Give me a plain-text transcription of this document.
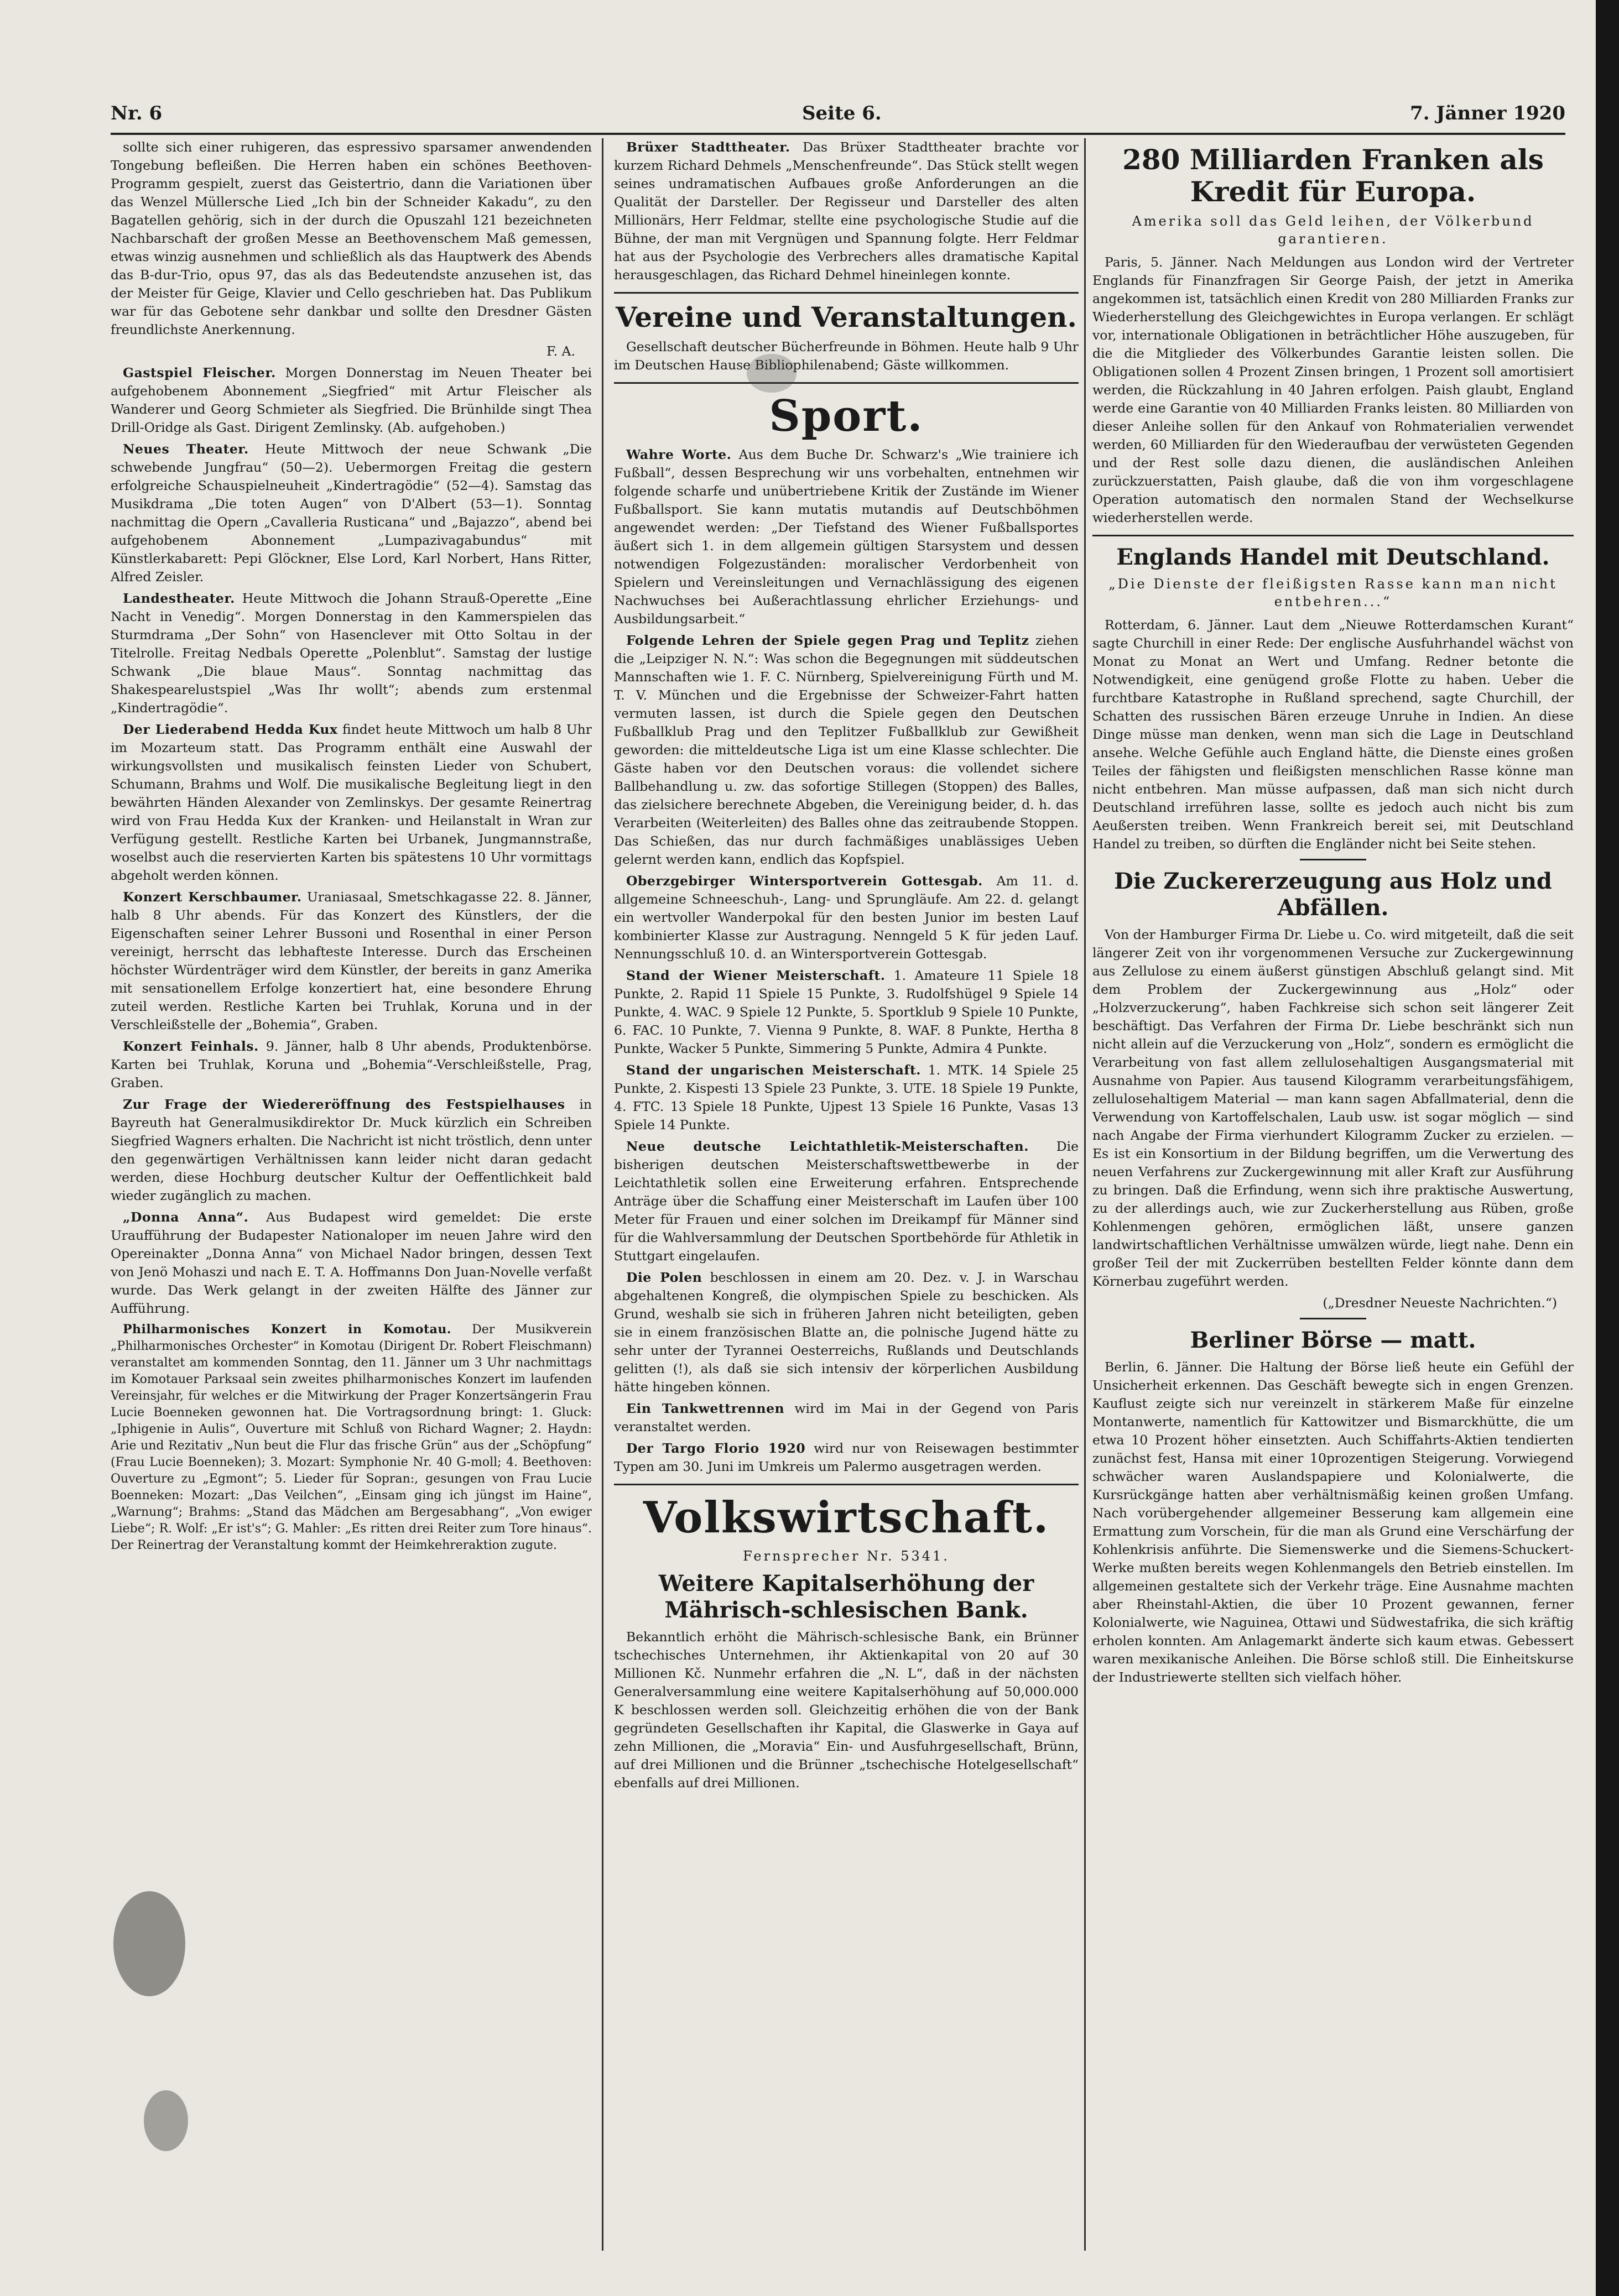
Nr. 6	Seite 6.	7. Jänner 1920

sollte sich einer ruhigeren, das espressivo sparsamer anwendenden Tongebung befleißen. Die Herren haben ein schönes Beethoven-Programm gespielt, zuerst das Geistertrio, dann die Variationen über das Wenzel Müllersche Lied „Ich bin der Schneider Kakadu“, zu den Bagatellen gehörig, sich in der durch die Opuszahl 121 bezeichneten Nachbarschaft der großen Messe an Beethovenschem Maß gemessen, etwas winzig ausnehmen und schließlich als das Hauptwerk des Abends das B-dur-Trio, opus 97, das als das Bedeutendste anzusehen ist, das der Meister für Geige, Klavier und Cello geschrieben hat. Das Publikum war für das Gebotene sehr dankbar und sollte den Dresdner Gästen freundlichste Anerkennung.

F. A.

Gastspiel Fleischer. Morgen Donnerstag im Neuen Theater bei aufgehobenem Abonnement „Siegfried“ mit Artur Fleischer als Wanderer und Georg Schmieter als Siegfried. Die Brünhilde singt Thea Drill-Oridge als Gast. Dirigent Zemlinsky. (Ab. aufgehoben.)

Neues Theater. Heute Mittwoch der neue Schwank „Die schwebende Jungfrau“ (50—2). Uebermorgen Freitag die gestern erfolgreiche Schauspielneuheit „Kindertragödie“ (52—4). Samstag das Musikdrama „Die toten Augen“ von D'Albert (53—1). Sonntag nachmittag die Opern „Cavalleria Rusticana“ und „Bajazzo“, abend bei aufgehobenem Abonnement „Lumpazivagabundus“ mit Künstlerkabarett: Pepi Glöckner, Else Lord, Karl Norbert, Hans Ritter, Alfred Zeisler.

Landestheater. Heute Mittwoch die Johann Strauß-Operette „Eine Nacht in Venedig“. Morgen Donnerstag in den Kammerspielen das Sturmdrama „Der Sohn“ von Hasenclever mit Otto Soltau in der Titelrolle. Freitag Nedbals Operette „Polenblut“. Samstag der lustige Schwank „Die blaue Maus“. Sonntag nachmittag das Shakespearelustspiel „Was Ihr wollt“; abends zum erstenmal „Kindertragödie“.

Der Liederabend Hedda Kux findet heute Mittwoch um halb 8 Uhr im Mozarteum statt. Das Programm enthält eine Auswahl der wirkungsvollsten und musikalisch feinsten Lieder von Schubert, Schumann, Brahms und Wolf. Die musikalische Begleitung liegt in den bewährten Händen Alexander von Zemlinskys. Der gesamte Reinertrag wird von Frau Hedda Kux der Kranken- und Heilanstalt in Wran zur Verfügung gestellt. Restliche Karten bei Urbanek, Jungmannstraße, woselbst auch die reservierten Karten bis spätestens 10 Uhr vormittags abgeholt werden können.

Konzert Kerschbaumer. Uraniasaal, Smetschkagasse 22. 8. Jänner, halb 8 Uhr abends. Für das Konzert des Künstlers, der die Eigenschaften seiner Lehrer Bussoni und Rosenthal in einer Person vereinigt, herrscht das lebhafteste Interesse. Durch das Erscheinen höchster Würdenträger wird dem Künstler, der bereits in ganz Amerika mit sensationellem Erfolge konzertiert hat, eine besondere Ehrung zuteil werden. Restliche Karten bei Truhlak, Koruna und in der Verschleißstelle der „Bohemia“, Graben.

Konzert Feinhals. 9. Jänner, halb 8 Uhr abends, Produktenbörse. Karten bei Truhlak, Koruna und „Bohemia“-Verschleißstelle, Prag, Graben.

Zur Frage der Wiedereröffnung des Festspielhauses in Bayreuth hat Generalmusikdirektor Dr. Muck kürzlich ein Schreiben Siegfried Wagners erhalten. Die Nachricht ist nicht tröstlich, denn unter den gegenwärtigen Verhältnissen kann leider nicht daran gedacht werden, diese Hochburg deutscher Kultur der Oeffentlichkeit bald wieder zugänglich zu machen.

„Donna Anna“. Aus Budapest wird gemeldet: Die erste Uraufführung der Budapester Nationaloper im neuen Jahre wird den Opereinakter „Donna Anna“ von Michael Nador bringen, dessen Text von Jenö Mohaszi und nach E. T. A. Hoffmanns Don Juan-Novelle verfaßt wurde. Das Werk gelangt in der zweiten Hälfte des Jänner zur Aufführung.

Philharmonisches Konzert in Komotau. Der Musikverein „Philharmonisches Orchester“ in Komotau (Dirigent Dr. Robert Fleischmann) veranstaltet am kommenden Sonntag, den 11. Jänner um 3 Uhr nachmittags im Komotauer Parksaal sein zweites philharmonisches Konzert im laufenden Vereinsjahr, für welches er die Mitwirkung der Prager Konzertsängerin Frau Lucie Boenneken gewonnen hat. Die Vortragsordnung bringt: 1. Gluck: „Iphigenie in Aulis“, Ouverture mit Schluß von Richard Wagner; 2. Haydn: Arie und Rezitativ „Nun beut die Flur das frische Grün“ aus der „Schöpfung“ (Frau Lucie Boenneken); 3. Mozart: Symphonie Nr. 40 G-moll; 4. Beethoven: Ouverture zu „Egmont“; 5. Lieder für Sopran:, gesungen von Frau Lucie Boenneken: Mozart: „Das Veilchen“, „Einsam ging ich jüngst im Haine“, „Warnung“; Brahms: „Stand das Mädchen am Bergesabhang“, „Von ewiger Liebe“; R. Wolf: „Er ist's“; G. Mahler: „Es ritten drei Reiter zum Tore hinaus“. Der Reinertrag der Veranstaltung kommt der Heimkehreraktion zugute.

Brüxer Stadttheater. Das Brüxer Stadttheater brachte vor kurzem Richard Dehmels „Menschenfreunde“. Das Stück stellt wegen seines undramatischen Aufbaues große Anforderungen an die Qualität der Darsteller. Der Regisseur und Darsteller des alten Millionärs, Herr Feldmar, stellte eine psychologische Studie auf die Bühne, der man mit Vergnügen und Spannung folgte. Herr Feldmar hat aus der Psychologie des Verbrechers alles dramatische Kapital herausgeschlagen, das Richard Dehmel hineinlegen konnte.

Vereine und Veranstaltungen.

Gesellschaft deutscher Bücherfreunde in Böhmen. Heute halb 9 Uhr im Deutschen Hause Bibliophilenabend; Gäste willkommen.

Sport.

Wahre Worte. Aus dem Buche Dr. Schwarz's „Wie trainiere ich Fußball“, dessen Besprechung wir uns vorbehalten, entnehmen wir folgende scharfe und unübertriebene Kritik der Zustände im Wiener Fußballsport. Sie kann mutatis mutandis auf Deutschböhmen angewendet werden: „Der Tiefstand des Wiener Fußballsportes äußert sich 1. in dem allgemein gültigen Starsystem und dessen notwendigen Folgezuständen: moralischer Verdorbenheit von Spielern und Vereinsleitungen und Vernachlässigung des eigenen Nachwuchses bei Außerachtlassung ehrlicher Erziehungs- und Ausbildungsarbeit.“

Folgende Lehren der Spiele gegen Prag und Teplitz ziehen die „Leipziger N. N.“: Was schon die Begegnungen mit süddeutschen Mannschaften wie 1. F. C. Nürnberg, Spielvereinigung Fürth und M. T. V. München und die Ergebnisse der Schweizer-Fahrt hatten vermuten lassen, ist durch die Spiele gegen den Deutschen Fußballklub Prag und den Teplitzer Fußballklub zur Gewißheit geworden: die mitteldeutsche Liga ist um eine Klasse schlechter. Die Gäste haben vor den Deutschen voraus: die vollendet sichere Ballbehandlung u. zw. das sofortige Stillegen (Stoppen) des Balles, das zielsichere berechnete Abgeben, die Vereinigung beider, d. h. das Verarbeiten (Weiterleiten) des Balles ohne das zeitraubende Stoppen. Das Schießen, das nur durch fachmäßiges unablässiges Ueben gelernt werden kann, endlich das Kopfspiel.

Oberzgebirger Wintersportverein Gottesgab. Am 11. d. allgemeine Schneeschuh-, Lang- und Sprungläufe. Am 22. d. gelangt ein wertvoller Wanderpokal für den besten Junior im besten Lauf kombinierter Klasse zur Austragung. Nenngeld 5 K für jeden Lauf. Nennungsschluß 10. d. an Wintersportverein Gottesgab.

Stand der Wiener Meisterschaft. 1. Amateure 11 Spiele 18 Punkte, 2. Rapid 11 Spiele 15 Punkte, 3. Rudolfshügel 9 Spiele 14 Punkte, 4. WAC. 9 Spiele 12 Punkte, 5. Sportklub 9 Spiele 10 Punkte, 6. FAC. 10 Punkte, 7. Vienna 9 Punkte, 8. WAF. 8 Punkte, Hertha 8 Punkte, Wacker 5 Punkte, Simmering 5 Punkte, Admira 4 Punkte.

Stand der ungarischen Meisterschaft. 1. MTK. 14 Spiele 25 Punkte, 2. Kispesti 13 Spiele 23 Punkte, 3. UTE. 18 Spiele 19 Punkte, 4. FTC. 13 Spiele 18 Punkte, Ujpest 13 Spiele 16 Punkte, Vasas 13 Spiele 14 Punkte.

Neue deutsche Leichtathletik-Meisterschaften. Die bisherigen deutschen Meisterschaftswettbewerbe in der Leichtathletik sollen eine Erweiterung erfahren. Entsprechende Anträge über die Schaffung einer Meisterschaft im Laufen über 100 Meter für Frauen und einer solchen im Dreikampf für Männer sind für die Wahlversammlung der Deutschen Sportbehörde für Athletik in Stuttgart eingelaufen.

Die Polen beschlossen in einem am 20. Dez. v. J. in Warschau abgehaltenen Kongreß, die olympischen Spiele zu beschicken. Als Grund, weshalb sie sich in früheren Jahren nicht beteiligten, geben sie in einem französischen Blatte an, die polnische Jugend hätte zu sehr unter der Tyrannei Oesterreichs, Rußlands und Deutschlands gelitten (!), als daß sie sich intensiv der körperlichen Ausbildung hätte hingeben können.

Ein Tankwettrennen wird im Mai in der Gegend von Paris veranstaltet werden.

Der Targo Florio 1920 wird nur von Reisewagen bestimmter Typen am 30. Juni im Umkreis um Palermo ausgetragen werden.

Volkswirtschaft.
Fernsprecher Nr. 5341.
Weitere Kapitalserhöhung der Mährisch-schlesischen Bank.

Bekanntlich erhöht die Mährisch-schlesische Bank, ein Brünner tschechisches Unternehmen, ihr Aktienkapital von 20 auf 30 Millionen Kč. Nunmehr erfahren die „N. L“, daß in der nächsten Generalversammlung eine weitere Kapitalserhöhung auf 50,000.000 K beschlossen werden soll. Gleichzeitig erhöhen die von der Bank gegründeten Gesellschaften ihr Kapital, die Glaswerke in Gaya auf zehn Millionen, die „Moravia“ Ein- und Ausfuhrgesellschaft, Brünn, auf drei Millionen und die Brünner „tschechische Hotelgesellschaft“ ebenfalls auf drei Millionen.

280 Milliarden Franken als Kredit für Europa.
Amerika soll das Geld leihen, der Völkerbund garantieren.

Paris, 5. Jänner. Nach Meldungen aus London wird der Vertreter Englands für Finanzfragen Sir George Paish, der jetzt in Amerika angekommen ist, tatsächlich einen Kredit von 280 Milliarden Franks zur Wiederherstellung des Gleichgewichtes in Europa verlangen. Er schlägt vor, internationale Obligationen in beträchtlicher Höhe auszugeben, für die die Mitglieder des Völkerbundes Garantie leisten sollen. Die Obligationen sollen 4 Prozent Zinsen bringen, 1 Prozent soll amortisiert werden, die Rückzahlung in 40 Jahren erfolgen. Paish glaubt, England werde eine Garantie von 40 Milliarden Franks leisten. 80 Milliarden von dieser Anleihe sollen für den Ankauf von Rohmaterialien verwendet werden, 60 Milliarden für den Wiederaufbau der verwüsteten Gegenden und der Rest solle dazu dienen, die ausländischen Anleihen zurückzuerstatten, Paish glaube, daß die von ihm vorgeschlagene Operation automatisch den normalen Stand der Wechselkurse wiederherstellen werde.

Englands Handel mit Deutschland.
„Die Dienste der fleißigsten Rasse kann man nicht entbehren...“

Rotterdam, 6. Jänner. Laut dem „Nieuwe Rotterdamschen Kurant“ sagte Churchill in einer Rede: Der englische Ausfuhrhandel wächst von Monat zu Monat an Wert und Umfang. Redner betonte die Notwendigkeit, eine genügend große Flotte zu haben. Ueber die furchtbare Katastrophe in Rußland sprechend, sagte Churchill, der Schatten des russischen Bären erzeuge Unruhe in Indien. An diese Dinge müsse man denken, wenn man sich die Lage in Deutschland ansehe. Welche Gefühle auch England hätte, die Dienste eines großen Teiles der fähigsten und fleißigsten menschlichen Rasse könne man nicht entbehren. Man müsse aufpassen, daß man sich nicht durch Deutschland irreführen lasse, sollte es jedoch auch nicht bis zum Aeußersten treiben. Wenn Frankreich bereit sei, mit Deutschland Handel zu treiben, so dürften die Engländer nicht bei Seite stehen.

Die Zuckererzeugung aus Holz und Abfällen.

Von der Hamburger Firma Dr. Liebe u. Co. wird mitgeteilt, daß die seit längerer Zeit von ihr vorgenommenen Versuche zur Zuckergewinnung aus Zellulose zu einem äußerst günstigen Abschluß gelangt sind. Mit dem Problem der Zuckergewinnung aus „Holz“ oder „Holzverzuckerung“, haben Fachkreise sich schon seit längerer Zeit beschäftigt. Das Verfahren der Firma Dr. Liebe beschränkt sich nun nicht allein auf die Verzuckerung von „Holz“, sondern es ermöglicht die Verarbeitung von fast allem zellulosehaltigen Ausgangsmaterial mit Ausnahme von Papier. Aus tausend Kilogramm verarbeitungsfähigem, zellulosehaltigem Material — man kann sagen Abfallmaterial, denn die Verwendung von Kartoffelschalen, Laub usw. ist sogar möglich — sind nach Angabe der Firma vierhundert Kilogramm Zucker zu erzielen. — Es ist ein Konsortium in der Bildung begriffen, um die Verwertung des neuen Verfahrens zur Zuckergewinnung mit aller Kraft zur Ausführung zu bringen. Daß die Erfindung, wenn sich ihre praktische Auswertung, zu der allerdings auch, wie zur Zuckerherstellung aus Rüben, große Kohlenmengen gehören, ermöglichen läßt, unsere ganzen landwirtschaftlichen Verhältnisse umwälzen würde, liegt nahe. Denn ein großer Teil der mit Zuckerrüben bestellten Felder könnte dann dem Körnerbau zugeführt werden.

(„Dresdner Neueste Nachrichten.“)

Berliner Börse — matt.

Berlin, 6. Jänner. Die Haltung der Börse ließ heute ein Gefühl der Unsicherheit erkennen. Das Geschäft bewegte sich in engen Grenzen. Kauflust zeigte sich nur vereinzelt in stärkerem Maße für einzelne Montanwerte, namentlich für Kattowitzer und Bismarckhütte, die um etwa 10 Prozent höher einsetzten. Auch Schiffahrts-Aktien tendierten zunächst fest, Hansa mit einer 10prozentigen Steigerung. Vorwiegend schwächer waren Auslandspapiere und Kolonialwerte, die Kursrückgänge hatten aber verhältnismäßig keinen großen Umfang. Nach vorübergehender allgemeiner Besserung kam allgemein eine Ermattung zum Vorschein, für die man als Grund eine Verschärfung der Kohlenkrisis anführte. Die Siemenswerke und die Siemens-Schuckert-Werke mußten bereits wegen Kohlenmangels den Betrieb einstellen. Im allgemeinen gestaltete sich der Verkehr träge. Eine Ausnahme machten aber Rheinstahl-Aktien, die über 10 Prozent gewannen, ferner Kolonialwerte, wie Naguinea, Ottawi und Südwestafrika, die sich kräftig erholen konnten. Am Anlagemarkt änderte sich kaum etwas. Gebessert waren mexikanische Anleihen. Die Börse schloß still. Die Einheitskurse der Industriewerte stellten sich vielfach höher.
